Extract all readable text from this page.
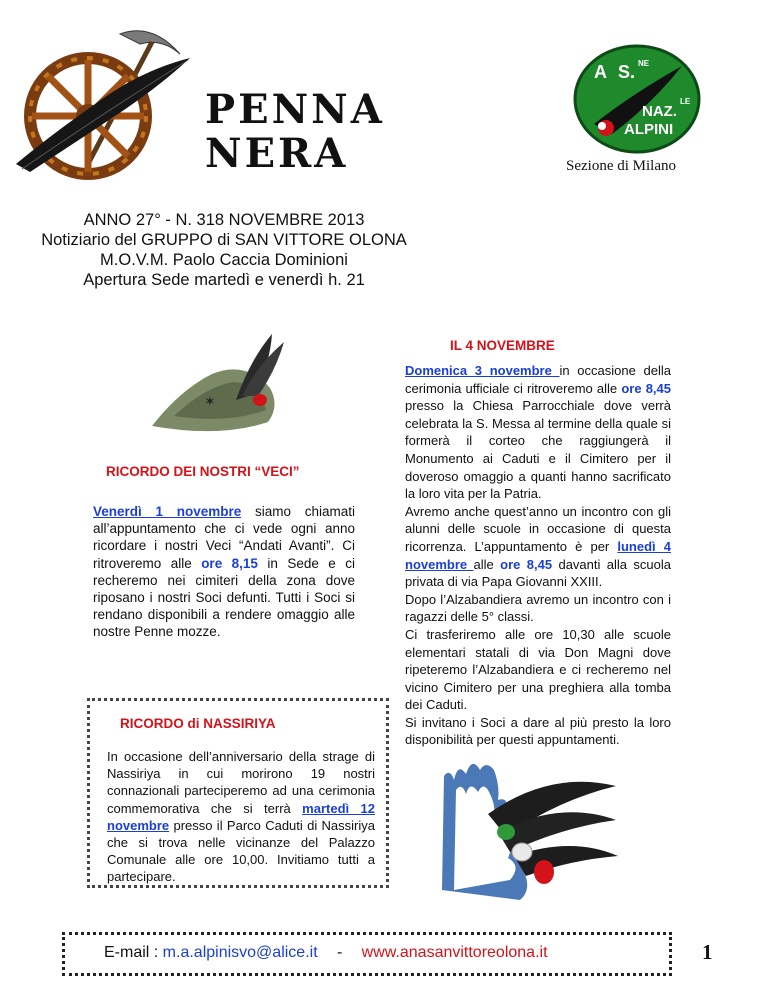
PENNA
NERA
A S. NE
NAZ.
LE
ALPINI
Sezione di Milano
ANNO 27° - N. 318 NOVEMBRE 2013
Notiziario del GRUPPO di SAN VITTORE OLONA
M.O.V.M. Paolo Caccia Dominioni
Apertura Sede martedì e venerdì h. 21
✶
RICORDO DEI NOSTRI “VECI”
Venerdì 1 novembre siamo chiamati all’appuntamento che ci vede ogni anno ricordare i nostri Veci “Andati Avanti”. Ci ritroveremo alle ore 8,15 in Sede e ci recheremo nei cimiteri della zona dove riposano i nostri Soci defunti. Tutti i Soci si rendano disponibili a rendere omaggio alle nostre Penne mozze.
RICORDO di NASSIRIYA
In occasione dell’anniversario della strage di Nassiriya in cui morirono 19 nostri connazionali parteciperemo ad una cerimonia commemorativa che si terrà martedì 12 novembre presso il Parco Caduti di Nassiriya che si trova nelle vicinanze del Palazzo Comunale alle ore 10,00. Invitiamo tutti a partecipare.
IL 4 NOVEMBRE
Domenica 3 novembre in occasione della cerimonia ufficiale ci ritroveremo alle ore 8,45 presso la Chiesa Parrocchiale dove verrà celebrata la S. Messa al termine della quale si formerà il corteo che raggiungerà il Monumento ai Caduti e il Cimitero per il doveroso omaggio a quanti hanno sacrificato la loro vita per la Patria.
Avremo anche quest’anno un incontro con gli alunni delle scuole in occasione di questa ricorrenza. L’appuntamento è per lunedì 4 novembre alle ore 8,45 davanti alla scuola privata di via Papa Giovanni XXIII.
Dopo l’Alzabandiera avremo un incontro con i ragazzi delle 5° classi.
Ci trasferiremo alle ore 10,30 alle scuole elementari statali di via Don Magni dove ripeteremo l’Alzabandiera e ci recheremo nel vicino Cimitero per una preghiera alla tomba dei Caduti.
Si invitano i Soci a dare al più presto la loro disponibilità per questi appuntamenti.
E-mail : m.a.alpinisvo@alice.it - www.anasanvittoreolona.it	1
